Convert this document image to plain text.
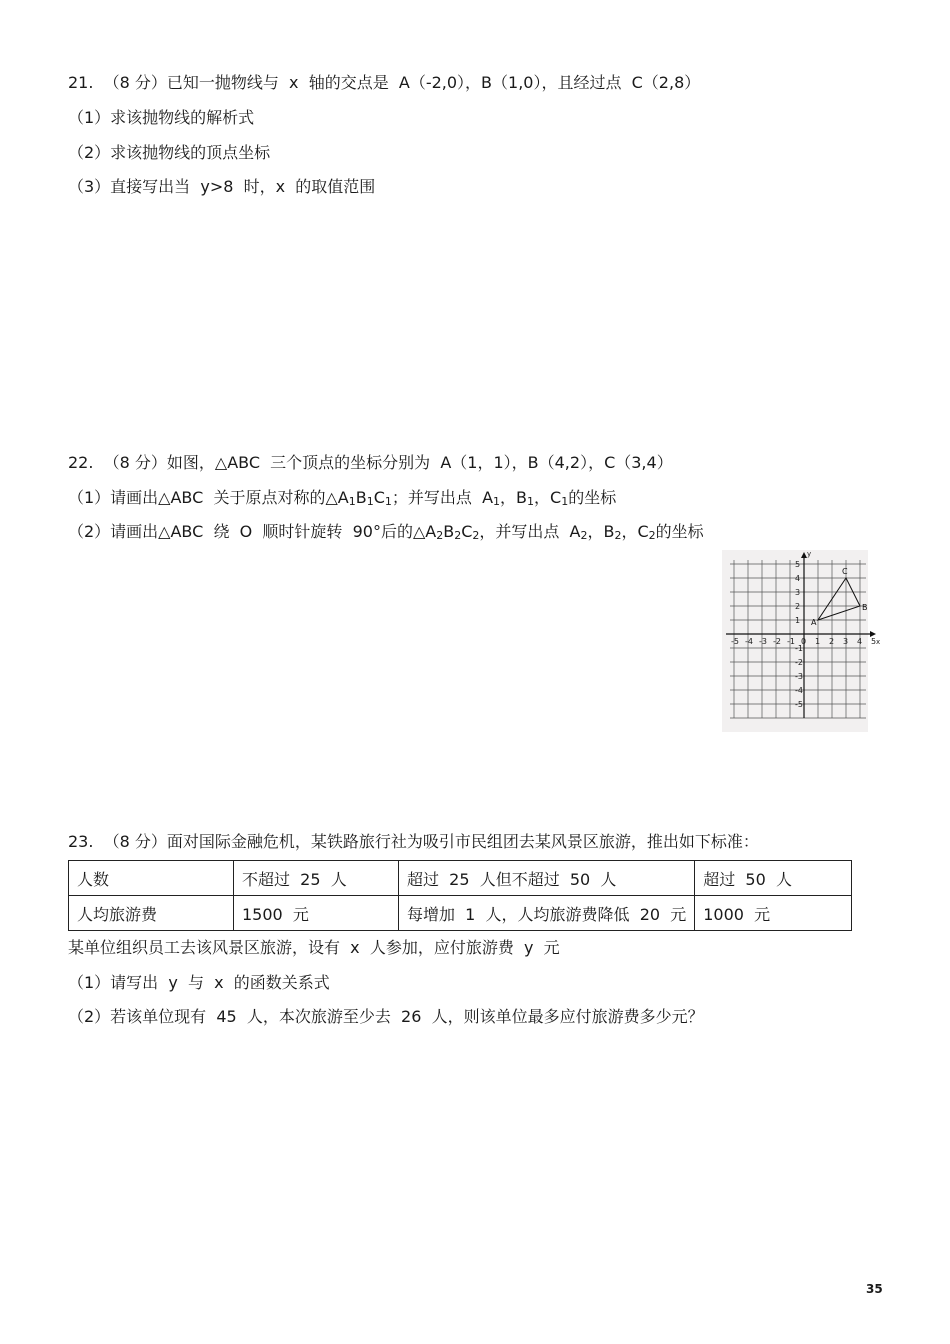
21.  （8 分）已知一抛物线与  x  轴的交点是  A（-2,0），B（1,0），且经过点  C（2,8）
（1）求该抛物线的解析式
（2）求该抛物线的顶点坐标
（3）直接写出当  y>8  时，x  的取值范围
22.  （8 分）如图，△ABC  三个顶点的坐标分别为  A（1，1），B（4,2），C（3,4）
（1）请画出△ABC  关于原点对称的△A1B1C1；并写出点  A1，B1，C1的坐标
（2）请画出△ABC  绕  O  顺时针旋转  90°后的△A2B2C2，并写出点  A2，B2，C2的坐标
-5 -4 -3 -2 -1 0 1 2 3 4 5
5
4
3
2
1
-1
-2
-3
-4
-5
x
y
A
B
C
23.  （8 分）面对国际金融危机，某铁路旅行社为吸引市民组团去某风景区旅游，推出如下标准：
人数	不超过  25  人	超过  25  人但不超过  50  人	超过  50  人
人均旅游费	1500  元	每增加  1  人，人均旅游费降低  20  元	1000  元
某单位组织员工去该风景区旅游，设有  x  人参加，应付旅游费  y  元
（1）请写出  y  与  x  的函数关系式
（2）若该单位现有  45  人，本次旅游至少去  26  人，则该单位最多应付旅游费多少元？
35
